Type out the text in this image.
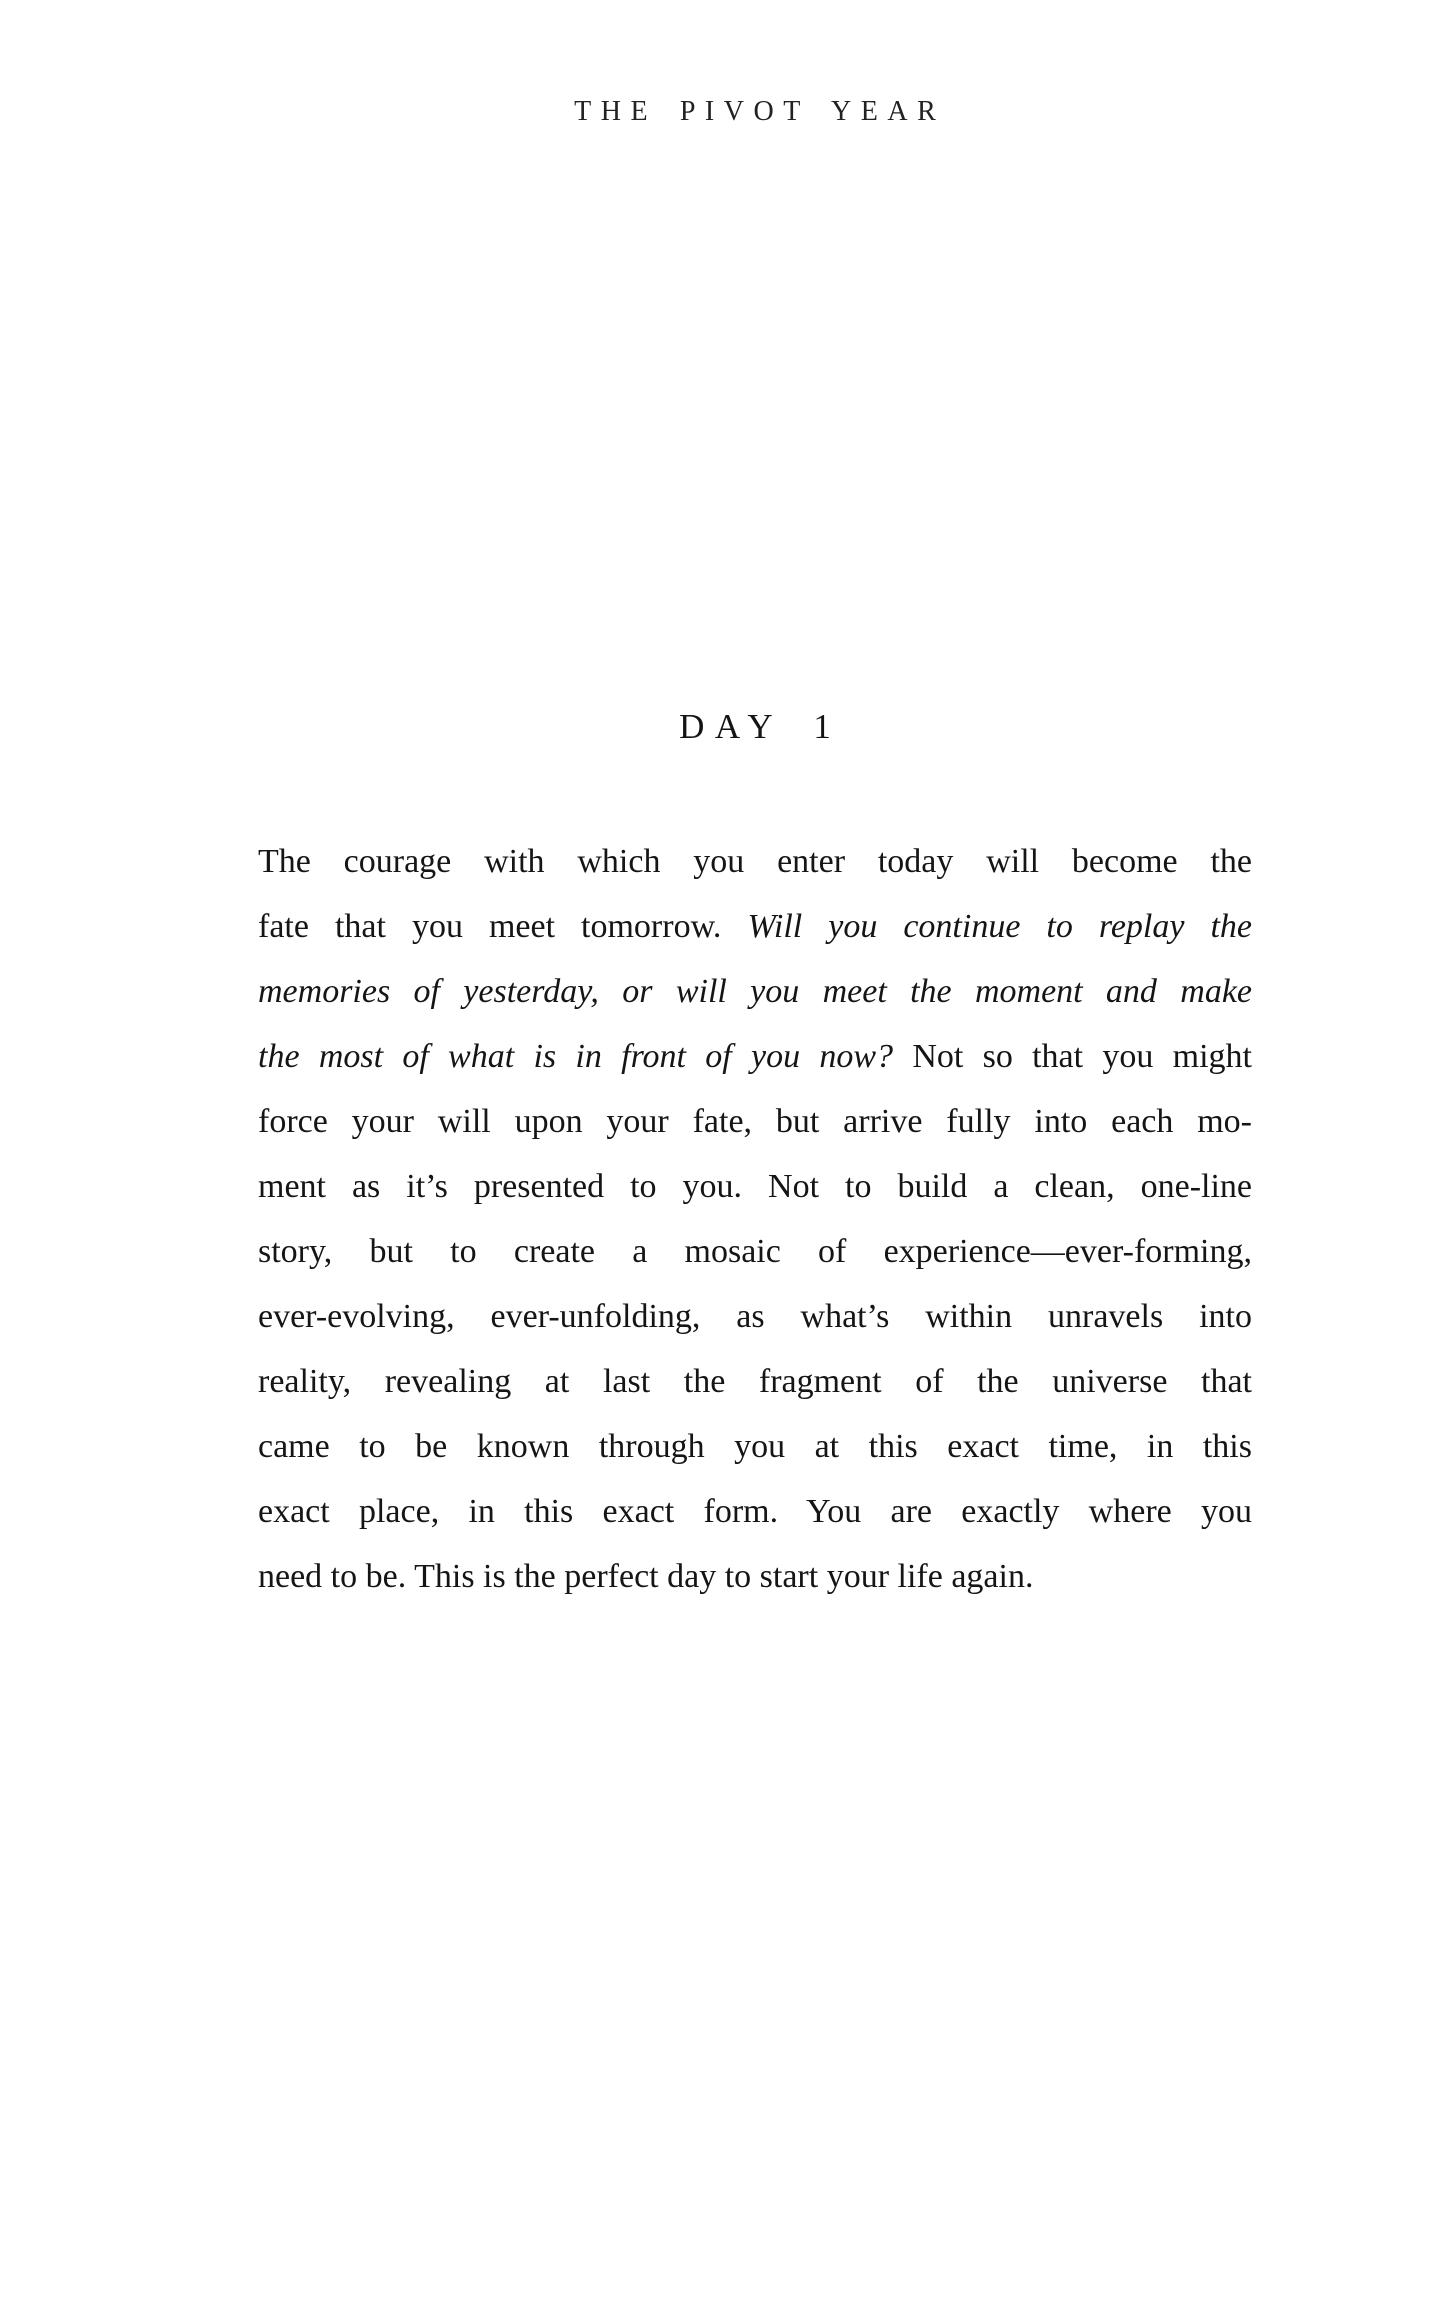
THE PIVOT YEAR
DAY 1
The courage with which you enter today will become the
fate that you meet tomorrow. Will you continue to replay the
memories of yesterday, or will you meet the moment and make
the most of what is in front of you now? Not so that you might
force your will upon your fate, but arrive fully into each mo-
ment as it’s presented to you. Not to build a clean, one-line
story, but to create a mosaic of experience—ever-forming,
ever-evolving, ever-unfolding, as what’s within unravels into
reality, revealing at last the fragment of the universe that
came to be known through you at this exact time, in this
exact place, in this exact form. You are exactly where you
need to be. This is the perfect day to start your life again.
